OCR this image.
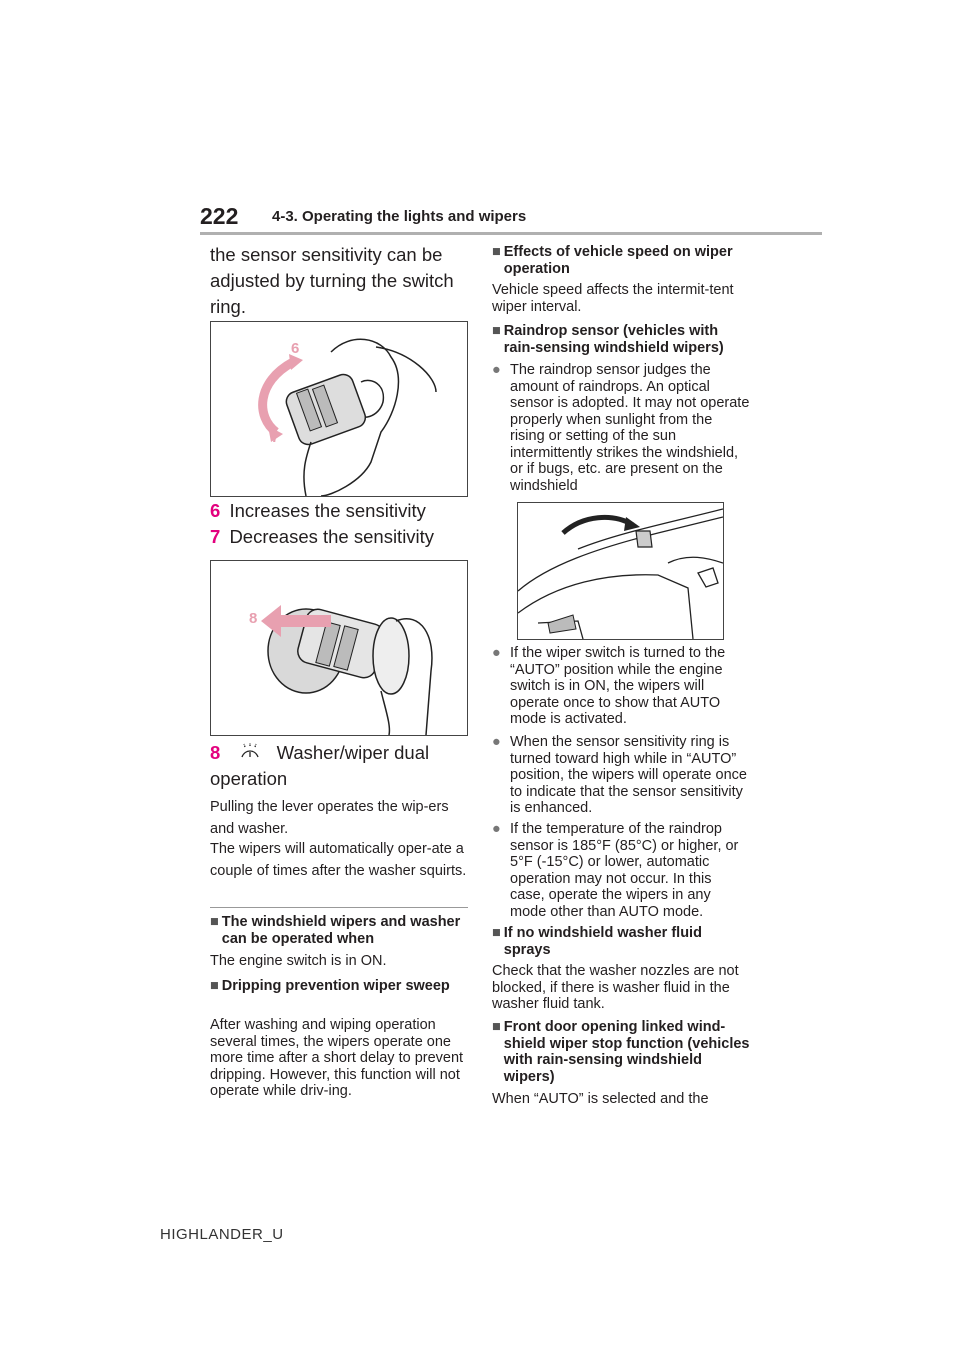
222 4-3. Operating the lights and wipers
the sensor sensitivity can be adjusted by turning the switch ring.
6
7
6 Increases the sensitivity
7 Decreases the sensitivity
8
8	Washer/wiper dual operation
Pulling the lever operates the wip-ers and washer.
The wipers will automatically oper-ate a couple of times after the washer squirts.
■ The windshield wipers and washer can be operated when
The engine switch is in ON.
■ Dripping prevention wiper sweep
After washing and wiping operation several times, the wipers operate one more time after a short delay to prevent dripping. However, this function will not operate while driv-ing.
■ Effects of vehicle speed on wiper operation
Vehicle speed affects the intermit-tent wiper interval.
■ Raindrop sensor (vehicles with rain-sensing windshield wipers)
● The raindrop sensor judges the amount of raindrops. An optical sensor is adopted. It may not operate properly when sunlight from the rising or setting of the sun intermittently strikes the windshield, or if bugs, etc. are present on the windshield
● If the wiper switch is turned to the “AUTO” position while the engine switch is in ON, the wipers will operate once to show that AUTO mode is activated.
● When the sensor sensitivity ring is turned toward high while in “AUTO” position, the wipers will operate once to indicate that the sensor sensitivity is enhanced.
● If the temperature of the raindrop sensor is 185°F (85°C) or higher, or 5°F (-15°C) or lower, automatic operation may not occur. In this case, operate the wipers in any mode other than AUTO mode.
■ If no windshield washer fluid sprays
Check that the washer nozzles are not blocked, if there is washer fluid in the washer fluid tank.
■ Front door opening linked wind-shield wiper stop function (vehicles with rain-sensing windshield wipers)
When “AUTO” is selected and the
HIGHLANDER_U
